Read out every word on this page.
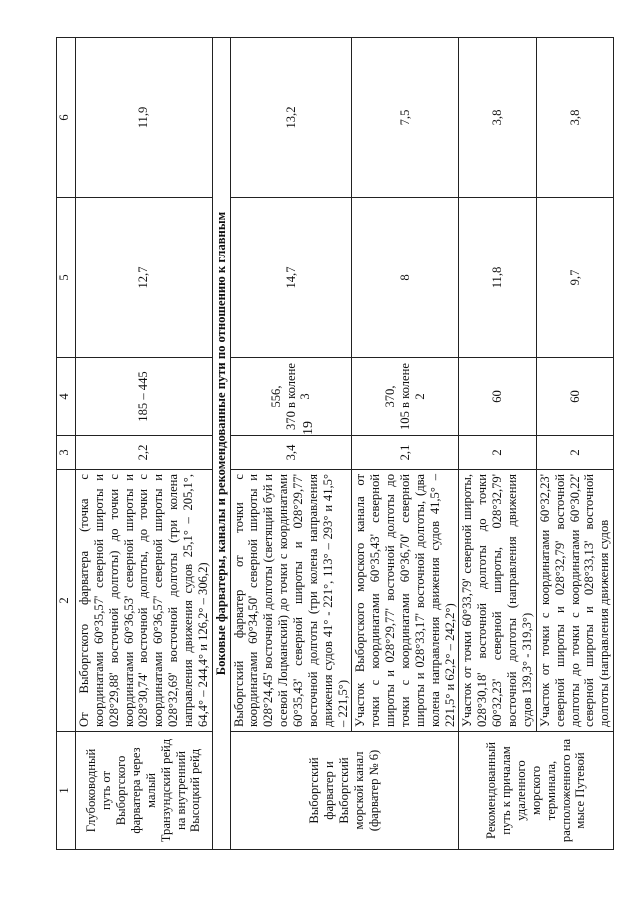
19
1	2	3	4	5	6
Глубоководный путь от Выборгского фарватера через малый Транзундский рейд на внутренний Высоцкий рейд	От Выборгского фарватера (точка с координатами 60°35,57' северной широты и 028°29,88' восточной долготы) до точки с координатами 60°36,53' северной широты и 028°30,74' восточной долготы, до точки с координатами 60°36,57' северной широты и 028°32,69' восточной долготы (три колена направления движения судов 25,1° – 205,1°, 64,4° – 244,4° и 126,2° – 306,2)	2,2	185 – 445	12,7	11,9
Боковые фарватеры, каналы и рекомендованные пути по отношению к главным					
Выборгский фарватер и Выборгский морской канал (фарватер № 6)	Выборгский фарватер от точки с координатами 60°34,50' северной широты и 028°24,45' восточной долготы (светящий буй и осевой Лоцманский) до точки с координатами 60°35,43' северной широты и 028°29,77' восточной долготы (три колена направления движения судов 41° - 221°, 113° – 293° и 41,5° – 221,5°)	3,4	556,
370 в колене 3	14,7	13,2
	Участок Выборгского морского канала от точки с координатами 60°35,43' северной широты и 028°29,77' восточной долготы до точки с координатами 60°36,70' северной широты и 028°33,17' восточной долготы, (два колена направления движения судов 41,5° – 221,5° и 62,2° – 242,2°)	2,1	370,
105 в колене 2	8	7,5
Рекомендованный путь к причалам удаленного морского терминала, расположенного на мысе Путевой	Участок от точки 60°33,79' северной широты, 028°30,18' восточной долготы до точки 60°32,23' северной широты, 028°32,79' восточной долготы (направления движения судов 139,3° - 319,3°)	2	60	11,8	3,8
	Участок от точки с координатами 60°32,23' северной широты и 028°32,79' восточной долготы до точки с координатами 60°30,22' северной широты и 028°33,13' восточной долготы (направления движения судов	2	60	9,7	3,8
